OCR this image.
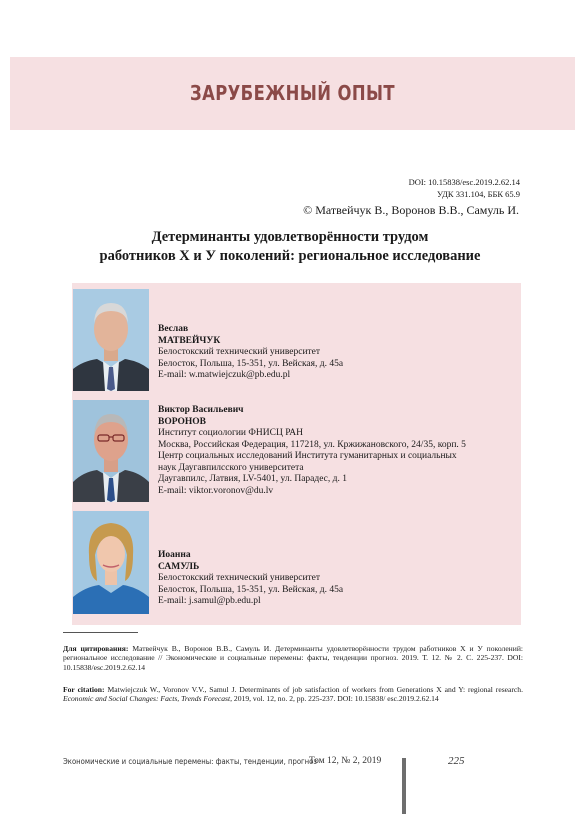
ЗАРУБЕЖНЫЙ ОПЫТ
DOI: 10.15838/esc.2019.2.62.14
УДК 331.104, ББК 65.9
© Матвейчук В., Воронов В.В., Самуль И.
Детерминанты удовлетворённости трудом
работников Х и У поколений: региональное исследование
Веслав
МАТВЕЙЧУК
Белостокский технический университет
Белосток, Польша, 15-351, ул. Вейская, д. 45а
E-mail: w.matwiejczuk@pb.edu.pl
Виктор Васильевич
ВОРОНОВ
Институт социологии ФНИСЦ РАН
Москва, Российская Федерация, 117218, ул. Кржижановского, 24/35, корп. 5
Центр социальных исследований Института гуманитарных и социальных
наук Даугавпилсского университета
Даугавпилс, Латвия, LV-5401, ул. Парадес, д. 1
E-mail: viktor.voronov@du.lv
Иоанна
САМУЛЬ
Белостокский технический университет
Белосток, Польша, 15-351, ул. Вейская, д. 45а
E-mail: j.samul@pb.edu.pl
Для цитирования: Матвейчук В., Воронов В.В., Самуль И. Детерминанты удовлетворённости трудом работников Х и У поколений: региональное исследование // Экономические и социальные перемены: факты, тенденции прогноз. 2019. Т. 12. № 2. С. 225-237. DOI: 10.15838/esc.2019.2.62.14
For citation: Matwiejczuk W., Voronov V.V., Samul J. Determinants of job satisfaction of workers from Generations X and Y: regional research. Economic and Social Changes: Facts, Trends Forecast, 2019, vol. 12, no. 2, pp. 225-237. DOI: 10.15838/ esc.2019.2.62.14
Экономические и социальные перемены: факты, тенденции, прогноз
Том 12, № 2, 2019	225
